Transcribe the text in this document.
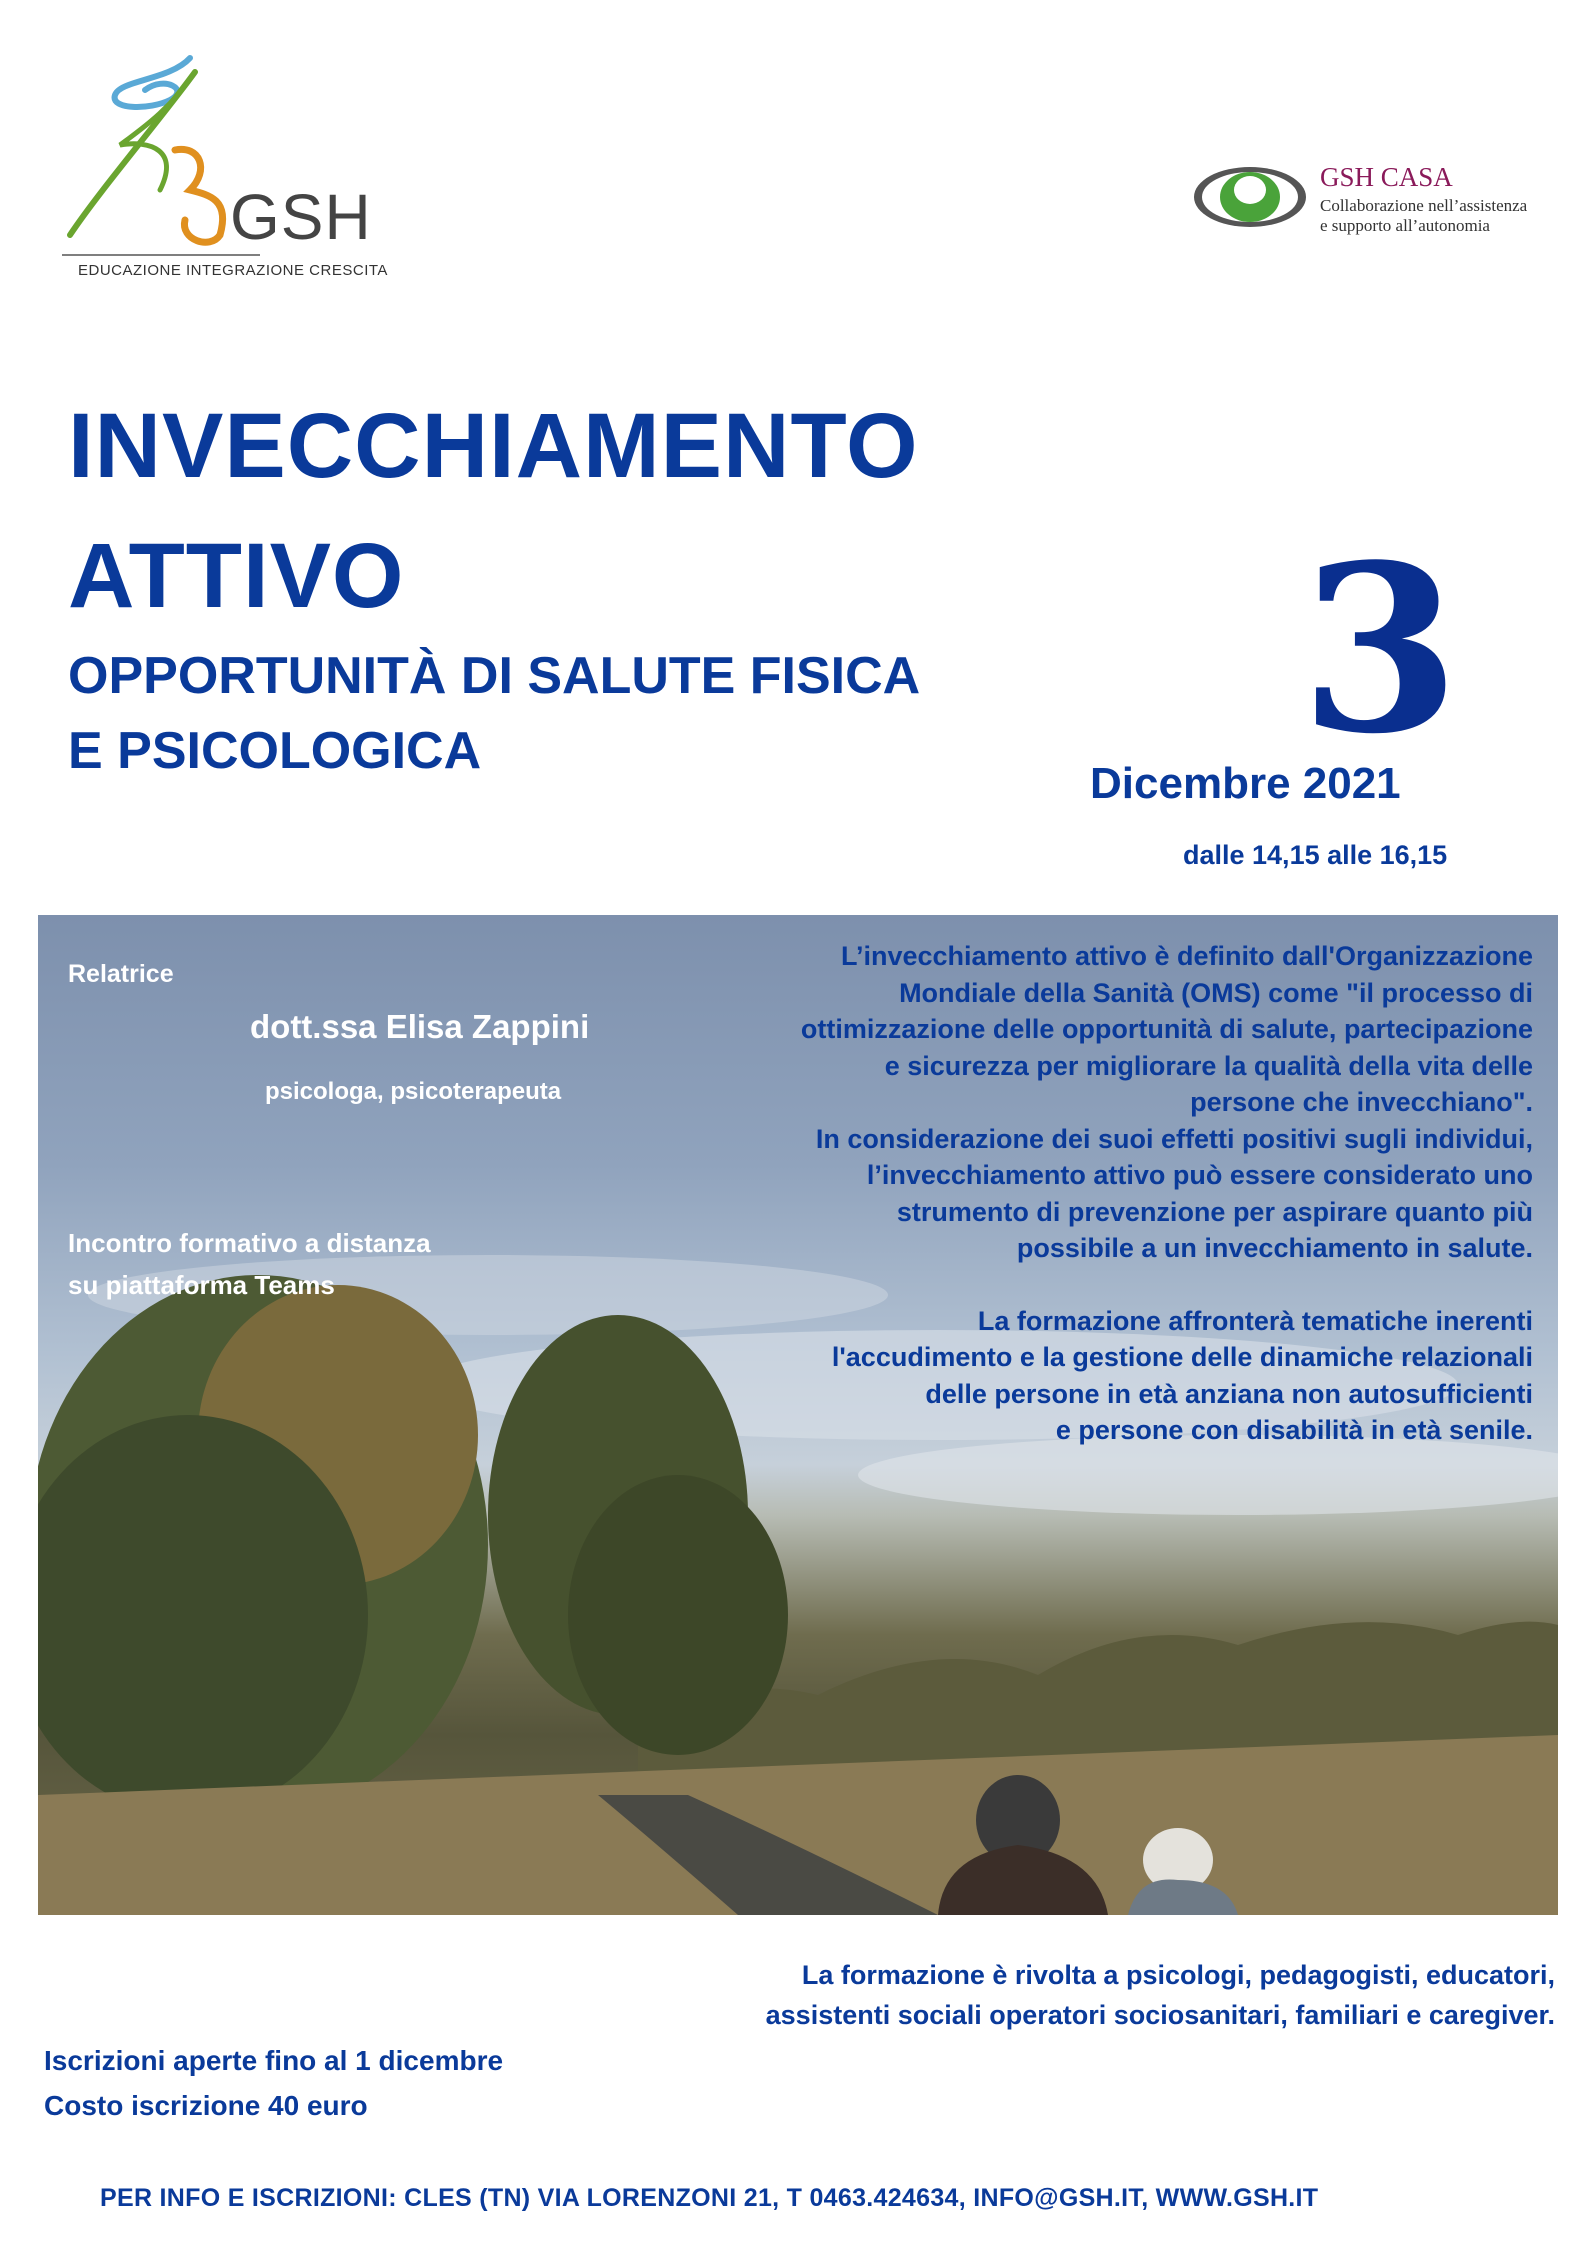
GSH
EDUCAZIONE INTEGRAZIONE CRESCITA
GSH CASA
Collaborazione nell’assistenza
e supporto all’autonomia
INVECCHIAMENTO
ATTIVO
OPPORTUNITÀ DI SALUTE FISICA
E PSICOLOGICA	3
Dicembre 2021
dalle 14,15 alle 16,15
Relatrice
dott.ssa Elisa Zappini
psicologa, psicoterapeuta
Incontro formativo a distanza
su piattaforma Teams
L’invecchiamento attivo è definito dall'Organizzazione
Mondiale della Sanità (OMS) come "il processo di
ottimizzazione delle opportunità di salute, partecipazione
e sicurezza per migliorare la qualità della vita delle
persone che invecchiano".
In considerazione dei suoi effetti positivi sugli individui,
l’invecchiamento attivo può essere considerato uno
strumento di prevenzione per aspirare quanto più
possibile a un invecchiamento in salute.
La formazione affronterà tematiche inerenti
l'accudimento e la gestione delle dinamiche relazionali
delle persone in età anziana non autosufficienti
e persone con disabilità in età senile.
La formazione è rivolta a psicologi, pedagogisti, educatori,
assistenti sociali operatori sociosanitari, familiari e caregiver.
Iscrizioni aperte fino al 1 dicembre
Costo iscrizione 40 euro
PER INFO E ISCRIZIONI: CLES (TN) VIA LORENZONI 21, T 0463.424634, INFO@GSH.IT, WWW.GSH.IT
